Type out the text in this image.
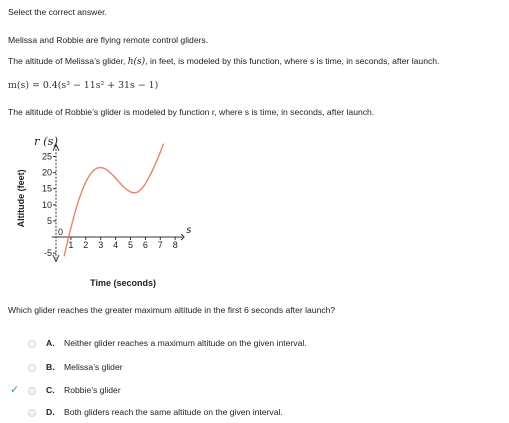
Select the correct answer.
Melissa and Robbie are flying remote control gliders.
The altitude of Melissa’s glider, h(s), in feet, is modeled by this function, where s is time, in seconds, after launch.
m(s) = 0.4(s³ − 11s² + 31s − 1)
The altitude of Robbie’s glider is modeled by function r, where s is time, in seconds, after launch.
25
20
15
10
5
-5
1 2 3 4 5 6 7 8
0	s
r (s)
Altitude (feet)
Time (seconds)
Which glider reaches the greater maximum altitude in the first 6 seconds after launch?
A. Neither glider reaches a maximum altitude on the given interval.
B. Melissa’s glider
✓	C. Robbie’s glider
D. Both gliders reach the same altitude on the given interval.
